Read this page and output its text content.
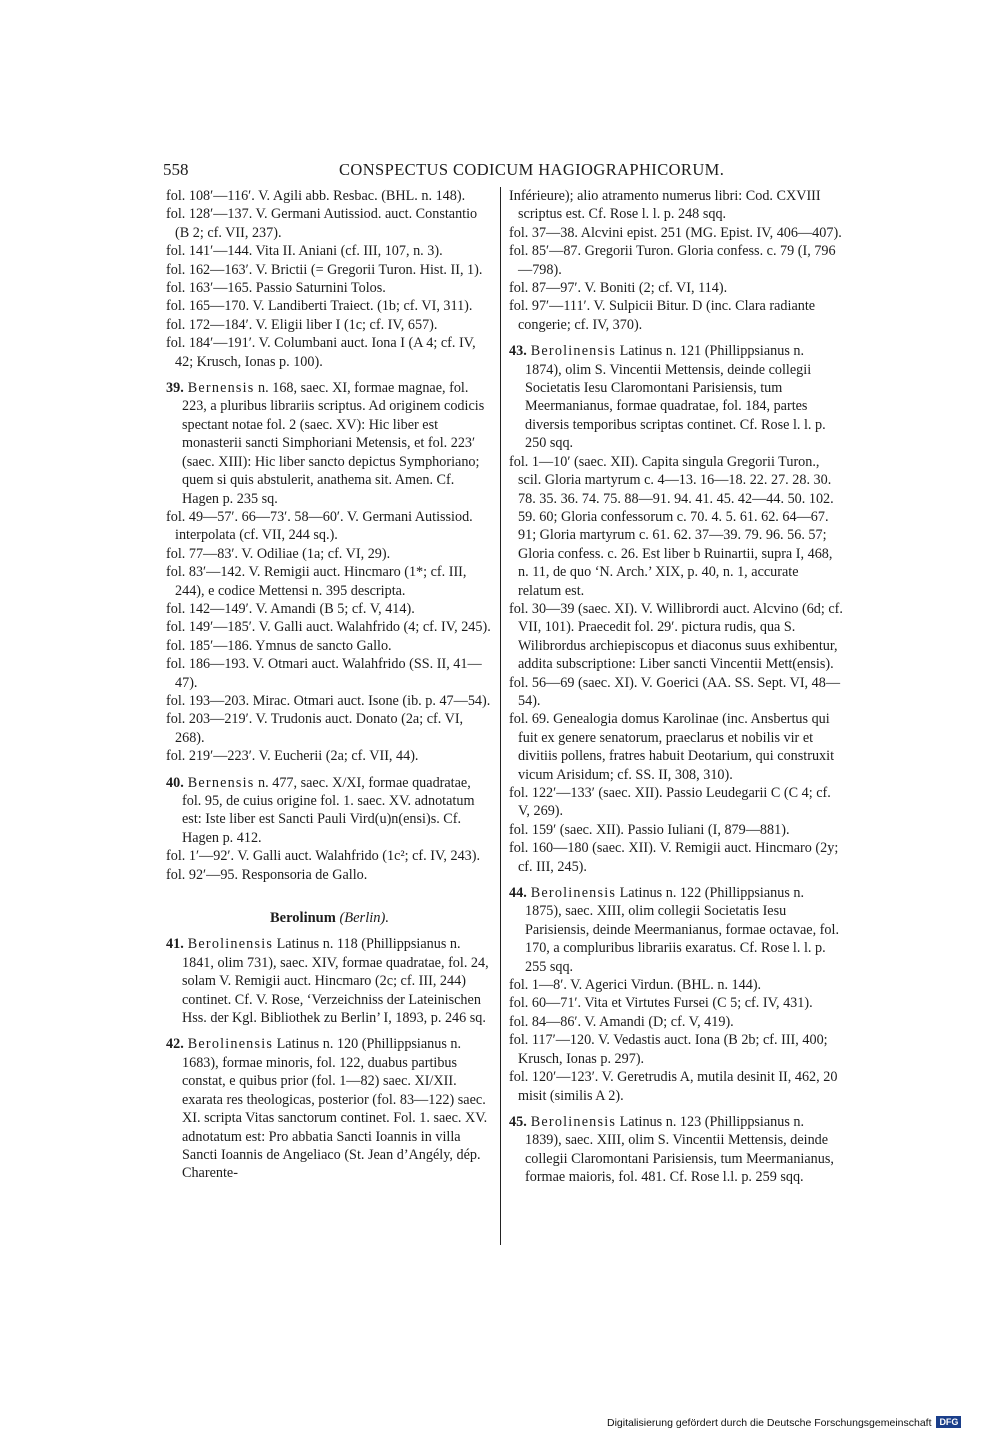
558	CONSPECTUS CODICUM HAGIOGRAPHICORUM.
fol. 108′—116′. V. Agili abb. Resbac. (BHL. n. 148).
fol. 128′—137. V. Germani Autissiod. auct. Constantio (B 2; cf. VII, 237).
fol. 141′—144. Vita II. Aniani (cf. III, 107, n. 3).
fol. 162—163′. V. Brictii (= Gregorii Turon. Hist. II, 1).
fol. 163′—165. Passio Saturnini Tolos.
fol. 165—170. V. Landiberti Traiect. (1b; cf. VI, 311).
fol. 172—184′. V. Eligii liber I (1c; cf. IV, 657).
fol. 184′—191′. V. Columbani auct. Iona I (A 4; cf. IV, 42; Krusch, Ionas p. 100).
39. Bernensis n. 168, saec. XI, formae magnae, fol. 223, a pluribus librariis scriptus. Ad originem codicis spectant notae fol. 2 (saec. XV): Hic liber est monasterii sancti Simphoriani Metensis, et fol. 223′ (saec. XIII): Hic liber sancto depictus Symphoriano; quem si quis abstulerit, anathema sit. Amen. Cf. Hagen p. 235 sq.
fol. 49—57′. 66—73′. 58—60′. V. Germani Autissiod. interpolata (cf. VII, 244 sq.).
fol. 77—83′. V. Odiliae (1a; cf. VI, 29).
fol. 83′—142. V. Remigii auct. Hincmaro (1*; cf. III, 244), e codice Mettensi n. 395 descripta.
fol. 142—149′. V. Amandi (B 5; cf. V, 414).
fol. 149′—185′. V. Galli auct. Walahfrido (4; cf. IV, 245).
fol. 185′—186. Ymnus de sancto Gallo.
fol. 186—193. V. Otmari auct. Walahfrido (SS. II, 41—47).
fol. 193—203. Mirac. Otmari auct. Isone (ib. p. 47—54).
fol. 203—219′. V. Trudonis auct. Donato (2a; cf. VI, 268).
fol. 219′—223′. V. Eucherii (2a; cf. VII, 44).
40. Bernensis n. 477, saec. X/XI, formae quadratae, fol. 95, de cuius origine fol. 1. saec. XV. adnotatum est: Iste liber est Sancti Pauli Vird(u)n(ensi)s. Cf. Hagen p. 412.
fol. 1′—92′. V. Galli auct. Walahfrido (1c²; cf. IV, 243).
fol. 92′—95. Responsoria de Gallo.
Berolinum (Berlin).
41. Berolinensis Latinus n. 118 (Phillippsianus n. 1841, olim 731), saec. XIV, formae quadratae, fol. 24, solam V. Remigii auct. Hincmaro (2c; cf. III, 244) continet. Cf. V. Rose, ‘Verzeichniss der Lateinischen Hss. der Kgl. Bibliothek zu Berlin’ I, 1893, p. 246 sq.
42. Berolinensis Latinus n. 120 (Phillippsianus n. 1683), formae minoris, fol. 122, duabus partibus constat, e quibus prior (fol. 1—82) saec. XI/XII. exarata res theologicas, posterior (fol. 83—122) saec. XI. scripta Vitas sanctorum continet. Fol. 1. saec. XV. adnotatum est: Pro abbatia Sancti Ioannis in villa Sancti Ioannis de Angeliaco (St. Jean d’Angély, dép. Charente-
Inférieure); alio atramento numerus libri: Cod. CXVIII scriptus est. Cf. Rose l. l. p. 248 sqq.
fol. 37—38. Alcvini epist. 251 (MG. Epist. IV, 406—407).
fol. 85′—87. Gregorii Turon. Gloria confess. c. 79 (I, 796—798).
fol. 87—97′. V. Boniti (2; cf. VI, 114).
fol. 97′—111′. V. Sulpicii Bitur. D (inc. Clara radiante congerie; cf. IV, 370).
43. Berolinensis Latinus n. 121 (Phillippsianus n. 1874), olim S. Vincentii Mettensis, deinde collegii Societatis Iesu Claromontani Parisiensis, tum Meermanianus, formae quadratae, fol. 184, partes diversis temporibus scriptas continet. Cf. Rose l. l. p. 250 sqq.
fol. 1—10′ (saec. XII). Capita singula Gregorii Turon., scil. Gloria martyrum c. 4—13. 16—18. 22. 27. 28. 30. 78. 35. 36. 74. 75. 88—91. 94. 41. 45. 42—44. 50. 102. 59. 60; Gloria confessorum c. 70. 4. 5. 61. 62. 64—67. 91; Gloria martyrum c. 61. 62. 37—39. 79. 96. 56. 57; Gloria confess. c. 26. Est liber b Ruinartii, supra I, 468, n. 11, de quo ‘N. Arch.’ XIX, p. 40, n. 1, accurate relatum est.
fol. 30—39 (saec. XI). V. Willibrordi auct. Alcvino (6d; cf. VII, 101). Praecedit fol. 29′. pictura rudis, qua S. Wilibrordus archiepiscopus et diaconus suus exhibentur, addita subscriptione: Liber sancti Vincentii Mett(ensis).
fol. 56—69 (saec. XI). V. Goerici (AA. SS. Sept. VI, 48—54).
fol. 69. Genealogia domus Karolinae (inc. Ansbertus qui fuit ex genere senatorum, praeclarus et nobilis vir et divitiis pollens, fratres habuit Deotarium, qui construxit vicum Arisidum; cf. SS. II, 308, 310).
fol. 122′—133′ (saec. XII). Passio Leudegarii C (C 4; cf. V, 269).
fol. 159′ (saec. XII). Passio Iuliani (I, 879—881).
fol. 160—180 (saec. XII). V. Remigii auct. Hincmaro (2y; cf. III, 245).
44. Berolinensis Latinus n. 122 (Phillippsianus n. 1875), saec. XIII, olim collegii Societatis Iesu Parisiensis, deinde Meermanianus, formae octavae, fol. 170, a compluribus librariis exaratus. Cf. Rose l. l. p. 255 sqq.
fol. 1—8′. V. Agerici Virdun. (BHL. n. 144).
fol. 60—71′. Vita et Virtutes Fursei (C 5; cf. IV, 431).
fol. 84—86′. V. Amandi (D; cf. V, 419).
fol. 117′—120. V. Vedastis auct. Iona (B 2b; cf. III, 400; Krusch, Ionas p. 297).
fol. 120′—123′. V. Geretrudis A, mutila desinit II, 462, 20 misit (similis A 2).
45. Berolinensis Latinus n. 123 (Phillippsianus n. 1839), saec. XIII, olim S. Vincentii Mettensis, deinde collegii Claromontani Parisiensis, tum Meermanianus, formae maioris, fol. 481. Cf. Rose l.l. p. 259 sqq.
Digitalisierung gefördert durch die Deutsche Forschungsgemeinschaft DFG
